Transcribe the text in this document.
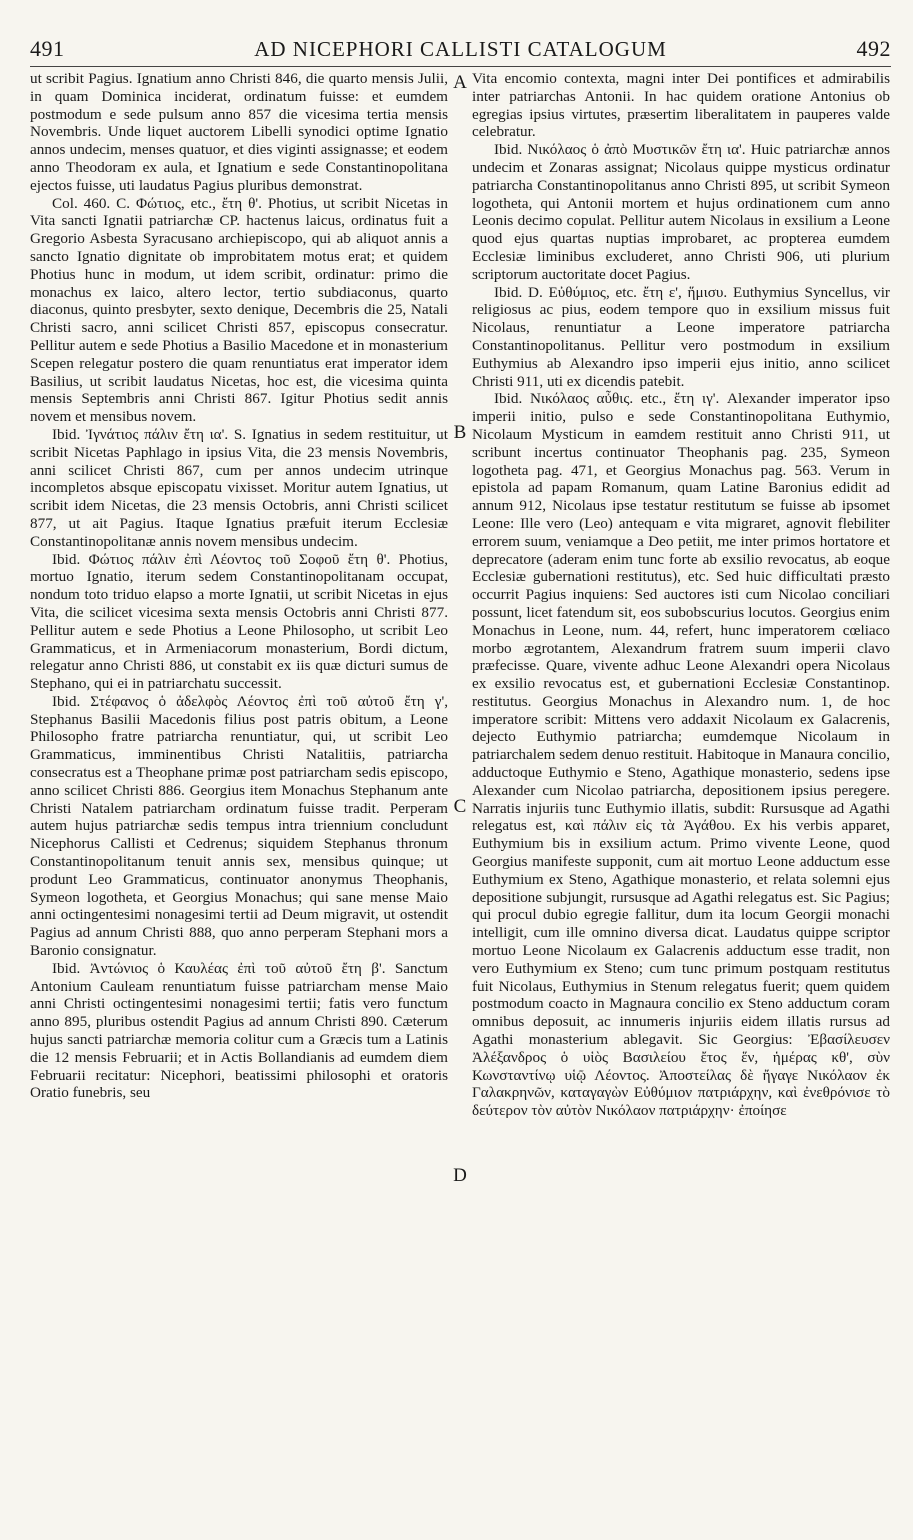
491	AD NICEPHORI CALLISTI CATALOGUM	492

ut scribit Pagius. Ignatium anno Christi 846, die quarto mensis Julii, in quam Dominica inciderat, ordinatum fuisse: et eumdem postmodum e sede pulsum anno 857 die vicesima tertia mensis Novembris. Unde liquet auctorem Libelli synodici optime Ignatio annos undecim, menses quatuor, et dies viginti assignasse; et eodem anno Theodoram ex aula, et Ignatium e sede Constantinopolitana ejectos fuisse, uti laudatus Pagius pluribus demonstrat.

Col. 460. C. Φώτιος, etc., ἔτη θ'. Photius, ut scribit Nicetas in Vita sancti Ignatii patriarchæ CP. hactenus laicus, ordinatus fuit a Gregorio Asbesta Syracusano archiepiscopo, qui ab aliquot annis a sancto Ignatio dignitate ob improbitatem motus erat; et quidem Photius hunc in modum, ut idem scribit, ordinatur: primo die monachus ex laico, altero lector, tertio subdiaconus, quarto diaconus, quinto presbyter, sexto denique, Decembris die 25, Natali Christi sacro, anni scilicet Christi 857, episcopus consecratur. Pellitur autem e sede Photius a Basilio Macedone et in monasterium Scepen relegatur postero die quam renuntiatus erat imperator idem Basilius, ut scribit laudatus Nicetas, hoc est, die vicesima quinta mensis Septembris anni Christi 867. Igitur Photius sedit annis novem et mensibus novem.

Ibid. Ἰγνάτιος πάλιν ἔτη ια'. S. Ignatius in sedem restituitur, ut scribit Nicetas Paphlago in ipsius Vita, die 23 mensis Novembris, anni scilicet Christi 867, cum per annos undecim utrinque incompletos absque episcopatu vixisset. Moritur autem Ignatius, ut scribit idem Nicetas, die 23 mensis Octobris, anni Christi scilicet 877, ut ait Pagius. Itaque Ignatius præfuit iterum Ecclesiæ Constantinopolitanæ annis novem mensibus undecim.

Ibid. Φώτιος πάλιν ἐπὶ Λέοντος τοῦ Σοφοῦ ἔτη θ'. Photius, mortuo Ignatio, iterum sedem Constantinopolitanam occupat, nondum toto triduo elapso a morte Ignatii, ut scribit Nicetas in ejus Vita, die scilicet vicesima sexta mensis Octobris anni Christi 877. Pellitur autem e sede Photius a Leone Philosopho, ut scribit Leo Grammaticus, et in Armeniacorum monasterium, Bordi dictum, relegatur anno Christi 886, ut constabit ex iis quæ dicturi sumus de Stephano, qui ei in patriarchatu successit.

Ibid. Στέφανος ὁ ἀδελφὸς Λέοντος ἐπὶ τοῦ αὐτοῦ ἔτη γ', Stephanus Basilii Macedonis filius post patris obitum, a Leone Philosopho fratre patriarcha renuntiatur, qui, ut scribit Leo Grammaticus, imminentibus Christi Natalitiis, patriarcha consecratus est a Theophane primæ post patriarcham sedis episcopo, anno scilicet Christi 886. Georgius item Monachus Stephanum ante Christi Natalem patriarcham ordinatum fuisse tradit. Perperam autem hujus patriarchæ sedis tempus intra triennium concludunt Nicephorus Callisti et Cedrenus; siquidem Stephanus thronum Constantinopolitanum tenuit annis sex, mensibus quinque; ut produnt Leo Grammaticus, continuator anonymus Theophanis, Symeon logotheta, et Georgius Monachus; qui sane mense Maio anni octingentesimi nonagesimi tertii ad Deum migravit, ut ostendit Pagius ad annum Christi 888, quo anno perperam Stephani mors a Baronio consignatur.

Ibid. Ἀντώνιος ὁ Καυλέας ἐπὶ τοῦ αὐτοῦ ἔτη β'. Sanctum Antonium Cauleam renuntiatum fuisse patriarcham mense Maio anni Christi octingentesimi nonagesimi tertii; fatis vero functum anno 895, pluribus ostendit Pagius ad annum Christi 890. Cæterum hujus sancti patriarchæ memoria colitur cum a Græcis tum a Latinis die 12 mensis Februarii; et in Actis Bollandianis ad eumdem diem Februarii recitatur: Nicephori, beatissimi philosophi et oratoris Oratio funebris, seu

A
B
C
D

Vita encomio contexta, magni inter Dei pontifices et admirabilis inter patriarchas Antonii. In hac quidem oratione Antonius ob egregias ipsius virtutes, præsertim liberalitatem in pauperes valde celebratur.

Ibid. Νικόλαος ὁ ἀπὸ Μυστικῶν ἔτη ια'. Huic patriarchæ annos undecim et Zonaras assignat; Nicolaus quippe mysticus ordinatur patriarcha Constantinopolitanus anno Christi 895, ut scribit Symeon logotheta, qui Antonii mortem et hujus ordinationem cum anno Leonis decimo copulat. Pellitur autem Nicolaus in exsilium a Leone quod ejus quartas nuptias improbaret, ac propterea eumdem Ecclesiæ liminibus excluderet, anno Christi 906, uti plurium scriptorum auctoritate docet Pagius.

Ibid. D. Εὐθύμιος, etc. ἔτη ε', ἥμισυ. Euthymius Syncellus, vir religiosus ac pius, eodem tempore quo in exsilium missus fuit Nicolaus, renuntiatur a Leone imperatore patriarcha Constantinopolitanus. Pellitur vero postmodum in exsilium Euthymius ab Alexandro ipso imperii ejus initio, anno scilicet Christi 911, uti ex dicendis patebit.

Ibid. Νικόλαος αὖθις. etc., ἔτη ιγ'. Alexander imperator ipso imperii initio, pulso e sede Constantinopolitana Euthymio, Nicolaum Mysticum in eamdem restituit anno Christi 911, ut scribunt incertus continuator Theophanis pag. 235, Symeon logotheta pag. 471, et Georgius Monachus pag. 563. Verum in epistola ad papam Romanum, quam Latine Baronius edidit ad annum 912, Nicolaus ipse testatur restitutum se fuisse ab ipsomet Leone: Ille vero (Leo) antequam e vita migraret, agnovit flebiliter errorem suum, veniamque a Deo petiit, me inter primos hortatore et deprecatore (aderam enim tunc forte ab exsilio revocatus, ab eoque Ecclesiæ gubernationi restitutus), etc. Sed huic difficultati præsto occurrit Pagius inquiens: Sed auctores isti cum Nicolao conciliari possunt, licet fatendum sit, eos subobscurius locutos. Georgius enim Monachus in Leone, num. 44, refert, hunc imperatorem cœliaco morbo ægrotantem, Alexandrum fratrem suum imperii clavo præfecisse. Quare, vivente adhuc Leone Alexandri opera Nicolaus ex exsilio revocatus est, et gubernationi Ecclesiæ Constantinop. restitutus. Georgius Monachus in Alexandro num. 1, de hoc imperatore scribit: Mittens vero addaxit Nicolaum ex Galacrenis, dejecto Euthymio patriarcha; eumdemque Nicolaum in patriarchalem sedem denuo restituit. Habitoque in Manaura concilio, adductoque Euthymio e Steno, Agathique monasterio, sedens ipse Alexander cum Nicolao patriarcha, depositionem ipsius peregere. Narratis injuriis tunc Euthymio illatis, subdit: Rursusque ad Agathi relegatus est, καὶ πάλιν εἰς τὰ Ἀγάθου. Ex his verbis apparet, Euthymium bis in exsilium actum. Primo vivente Leone, quod Georgius manifeste supponit, cum ait mortuo Leone adductum esse Euthymium ex Steno, Agathique monasterio, et relata solemni ejus depositione subjungit, rursusque ad Agathi relegatus est. Sic Pagius; qui procul dubio egregie fallitur, dum ita locum Georgii monachi intelligit, cum ille omnino diversa dicat. Laudatus quippe scriptor mortuo Leone Nicolaum ex Galacrenis adductum esse tradit, non vero Euthymium ex Steno; cum tunc primum postquam restitutus fuit Nicolaus, Euthymius in Stenum relegatus fuerit; quem quidem postmodum coactо in Magnaura concilio ex Steno adductum coram omnibus deposuit, ac innumeris injuriis eidem illatis rursus ad Agathi monasterium ablegavit. Sic Georgius: Ἐβασίλευσεν Ἀλέξανδρος ὁ υἱὸς Βασιλείου ἔτος ἕν, ἡμέρας κθ', σὺν Κωνσταντίνῳ υἱῷ Λέοντος. Ἀποστείλας δὲ ἤγαγε Νικόλαον ἐκ Γαλακρηνῶν, καταγαγὼν Εὐθύμιον πατριάρχην, καὶ ἐνεθρόνισε τὸ δεύτερον τὸν αὐτὸν Νικόλαον πατριάρχην· ἐποίησε
